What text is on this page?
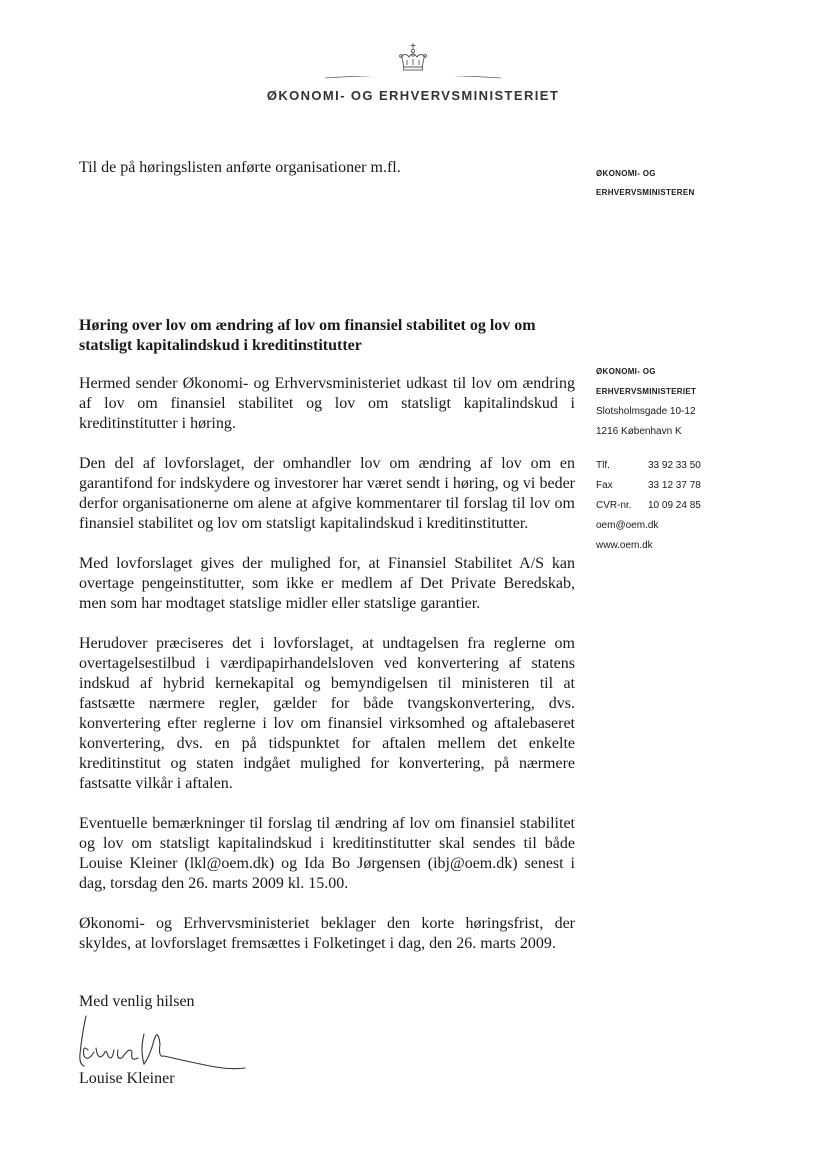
ØKONOMI- OG ERHVERVSMINISTERIET

Til de på høringslisten anførte organisationer m.fl.	ØKONOMI- OG
ERHVERVSMINISTEREN
Høring over lov om ændring af lov om finansiel stabilitet og lov om statsligt kapitalindskud i kreditinstitutter
ØKONOMI- OG
ERHVERVSMINISTERIET
Slotsholmsgade 10-12
1216 København K
Tlf.	33 92 33 50
Fax	33 12 37 78
CVR-nr.	10 09 24 85
oem@oem.dk
www.oem.dk

Hermed sender Økonomi- og Erhvervsministeriet udkast til lov om ændring af lov om finansiel stabilitet og lov om statsligt kapitalindskud i kreditinstitutter i høring.

Den del af lovforslaget, der omhandler lov om ændring af lov om en garantifond for indskydere og investorer har været sendt i høring, og vi beder derfor organisationerne om alene at afgive kommentarer til forslag til lov om finansiel stabilitet og lov om statsligt kapitalindskud i kreditinstitutter.

Med lovforslaget gives der mulighed for, at Finansiel Stabilitet A/S kan overtage pengeinstitutter, som ikke er medlem af Det Private Beredskab, men som har modtaget statslige midler eller statslige garantier.

Herudover præciseres det i lovforslaget, at undtagelsen fra reglerne om overtagelsestilbud i værdipapirhandelsloven ved konvertering af statens indskud af hybrid kernekapital og bemyndigelsen til ministeren til at fastsætte nærmere regler, gælder for både tvangskonvertering, dvs. konvertering efter reglerne i lov om finansiel virksomhed og aftalebaseret konvertering, dvs. en på tidspunktet for aftalen mellem det enkelte kreditinstitut og staten indgået mulighed for konvertering, på nærmere fastsatte vilkår i aftalen.

Eventuelle bemærkninger til forslag til ændring af lov om finansiel stabilitet og lov om statsligt kapitalindskud i kreditinstitutter skal sendes til både Louise Kleiner (lkl@oem.dk) og Ida Bo Jørgensen (ibj@oem.dk) senest i dag, torsdag den 26. marts 2009 kl. 15.00.

Økonomi- og Erhvervsministeriet beklager den korte høringsfrist, der skyldes, at lovforslaget fremsættes i Folketinget i dag, den 26. marts 2009.

Med venlig hilsen

Louise Kleiner
